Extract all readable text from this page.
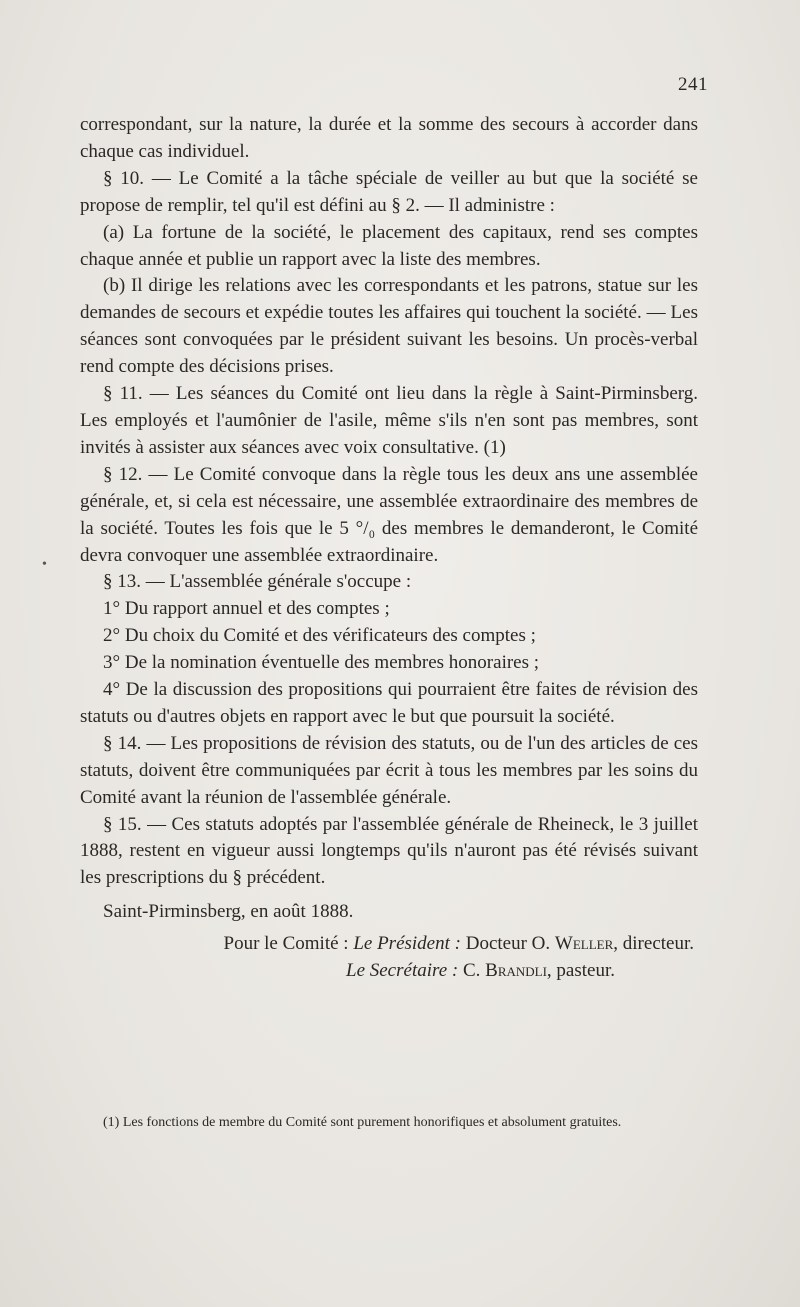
241
•

correspondant, sur la nature, la durée et la somme des secours à accorder dans chaque cas individuel.

§ 10. — Le Comité a la tâche spéciale de veiller au but que la société se propose de remplir, tel qu'il est défini au § 2. — Il administre :

(a) La fortune de la société, le placement des capitaux, rend ses comptes chaque année et publie un rapport avec la liste des membres.

(b) Il dirige les relations avec les correspondants et les patrons, statue sur les demandes de secours et expédie toutes les affaires qui touchent la société. — Les séances sont convoquées par le président suivant les besoins. Un procès-verbal rend compte des décisions prises.

§ 11. — Les séances du Comité ont lieu dans la règle à Saint-Pirminsberg. Les employés et l'aumônier de l'asile, même s'ils n'en sont pas membres, sont invités à assister aux séances avec voix consultative. (1)

§ 12. — Le Comité convoque dans la règle tous les deux ans une assemblée générale, et, si cela est nécessaire, une assemblée extraordinaire des membres de la société. Toutes les fois que le 5 °/₀ des membres le demanderont, le Comité devra convoquer une assemblée extraordinaire.

§ 13. — L'assemblée générale s'occupe :

1° Du rapport annuel et des comptes ;

2° Du choix du Comité et des vérificateurs des comptes ;

3° De la nomination éventuelle des membres honoraires ;

4° De la discussion des propositions qui pourraient être faites de révision des statuts ou d'autres objets en rapport avec le but que poursuit la société.

§ 14. — Les propositions de révision des statuts, ou de l'un des articles de ces statuts, doivent être communiquées par écrit à tous les membres par les soins du Comité avant la réunion de l'assemblée générale.

§ 15. — Ces statuts adoptés par l'assemblée générale de Rheineck, le 3 juillet 1888, restent en vigueur aussi longtemps qu'ils n'auront pas été révisés suivant les prescriptions du § précédent.

Saint-Pirminsberg, en août 1888.

Pour le Comité : Le Président : Docteur O. Weller, directeur.

Le Secrétaire : C. Brandli, pasteur.

(1) Les fonctions de membre du Comité sont purement honorifiques et absolument gratuites.
